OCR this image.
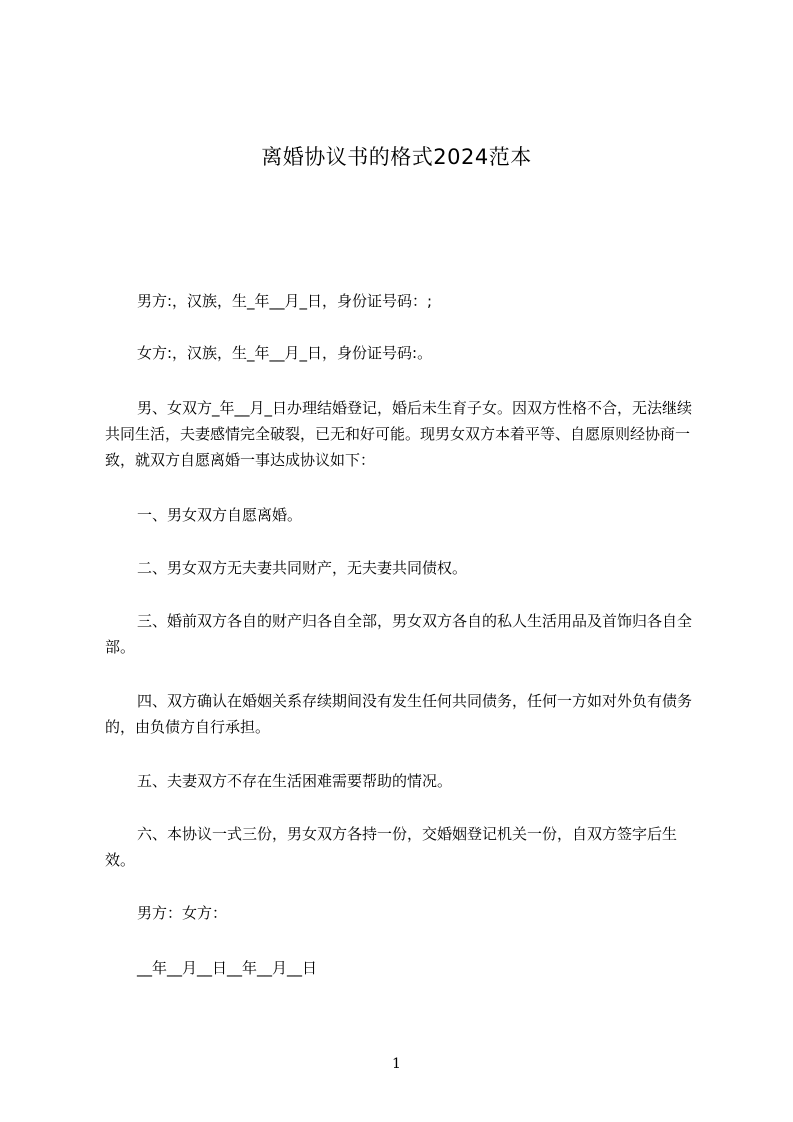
离婚协议书的格式2024范本

男方:，汉族，生_年__月_日，身份证号码：;

女方:，汉族，生_年__月_日，身份证号码:。

男、女双方_年__月_日办理结婚登记，婚后未生育子女。因双方性格不合，无法继续共同生活，夫妻感情完全破裂，已无和好可能。现男女双方本着平等、自愿原则经协商一致，就双方自愿离婚一事达成协议如下：

一、男女双方自愿离婚。

二、男女双方无夫妻共同财产，无夫妻共同债权。

三、婚前双方各自的财产归各自全部，男女双方各自的私人生活用品及首饰归各自全部。

四、双方确认在婚姻关系存续期间没有发生任何共同债务，任何一方如对外负有债务的，由负债方自行承担。

五、夫妻双方不存在生活困难需要帮助的情况。

六、本协议一式三份，男女双方各持一份，交婚姻登记机关一份，自双方签字后生效。

男方：女方：

__年__月__日__年__月__日

1
